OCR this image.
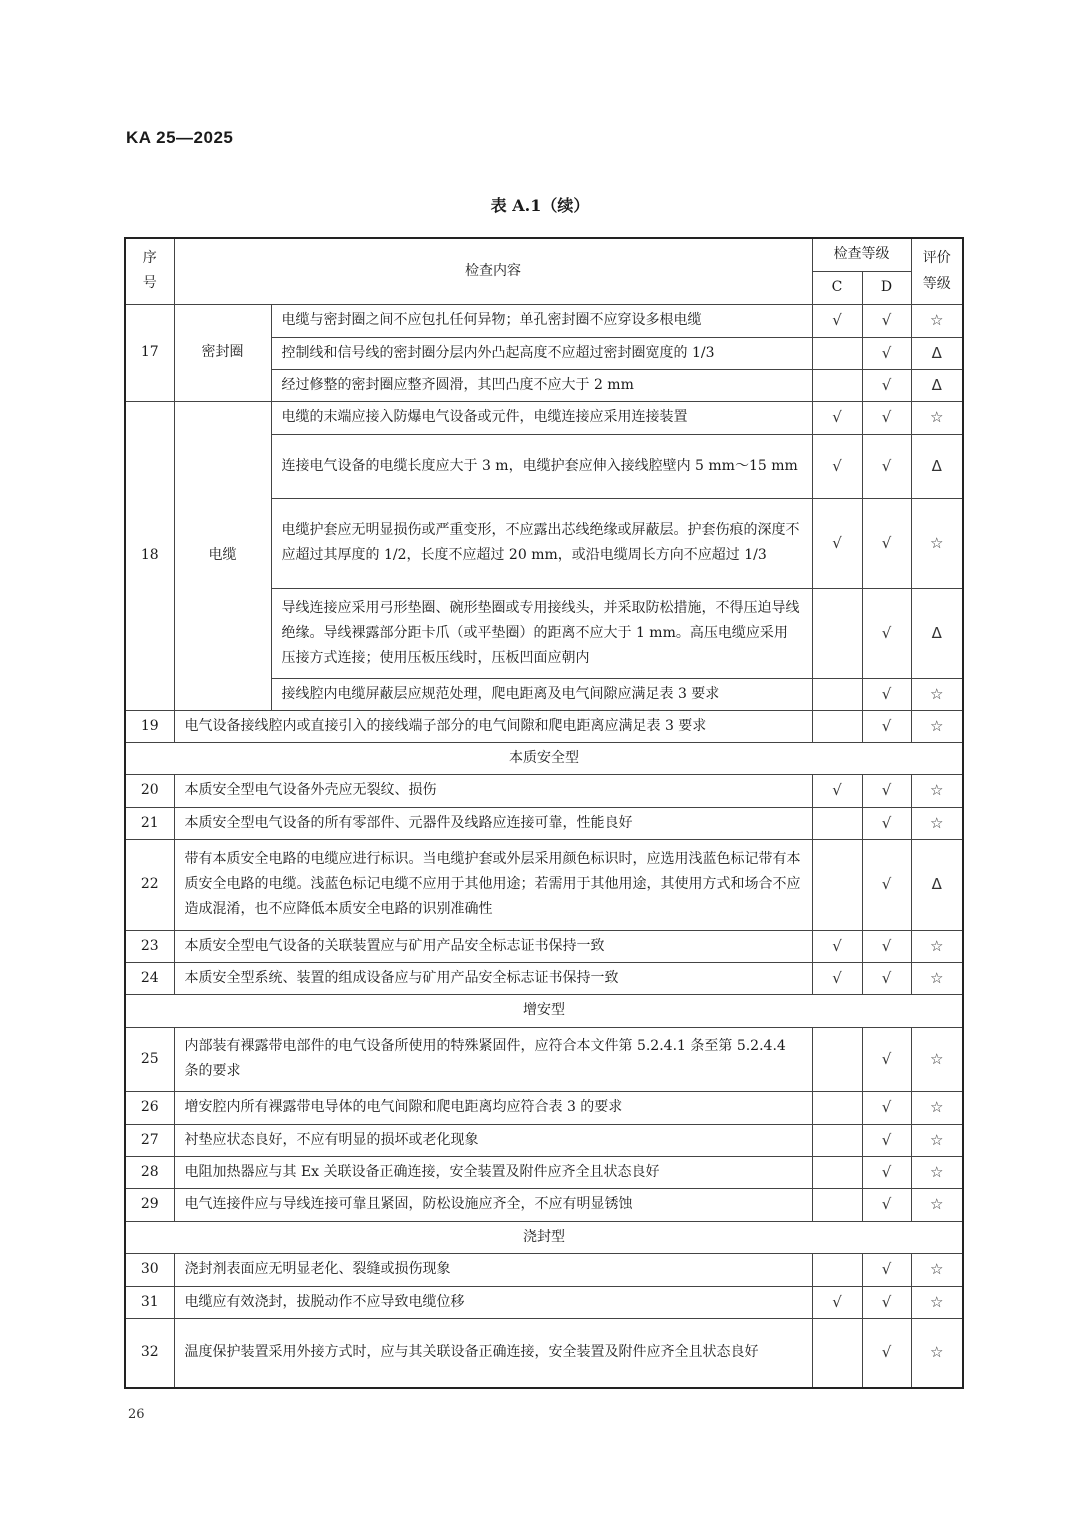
KA 25—2025
表 A.1（续）
序号	检查内容		检查等级		评价
等级
			C	D	
17	密封圈	电缆与密封圈之间不应包扎任何异物；单孔密封圈不应穿设多根电缆	√	√	☆
		控制线和信号线的密封圈分层内外凸起高度不应超过密封圈宽度的 1/3		√	Δ
		经过修整的密封圈应整齐圆滑，其凹凸度不应大于 2 mm		√	Δ
18	电缆	电缆的末端应接入防爆电气设备或元件，电缆连接应采用连接装置	√	√	☆
		连接电气设备的电缆长度应大于 3 m，电缆护套应伸入接线腔壁内 5 mm～15 mm	√	√	Δ
		电缆护套应无明显损伤或严重变形，不应露出芯线绝缘或屏蔽层。护套伤痕的深度不应超过其厚度的 1/2，长度不应超过 20 mm，或沿电缆周长方向不应超过 1/3	√	√	☆
		导线连接应采用弓形垫圈、碗形垫圈或专用接线头，并采取防松措施，不得压迫导线绝缘。导线裸露部分距卡爪（或平垫圈）的距离不应大于 1 mm。高压电缆应采用压接方式连接；使用压板压线时，压板凹面应朝内		√	Δ
		接线腔内电缆屏蔽层应规范处理，爬电距离及电气间隙应满足表 3 要求		√	☆
19	电气设备接线腔内或直接引入的接线端子部分的电气间隙和爬电距离应满足表 3 要求			√	☆
本质安全型					
20	本质安全型电气设备外壳应无裂纹、损伤		√	√	☆
21	本质安全型电气设备的所有零部件、元器件及线路应连接可靠，性能良好			√	☆
22	带有本质安全电路的电缆应进行标识。当电缆护套或外层采用颜色标识时，应选用浅蓝色标记带有本质安全电路的电缆。浅蓝色标记电缆不应用于其他用途；若需用于其他用途，其使用方式和场合不应造成混淆，也不应降低本质安全电路的识别准确性			√	Δ
23	本质安全型电气设备的关联装置应与矿用产品安全标志证书保持一致		√	√	☆
24	本质安全型系统、装置的组成设备应与矿用产品安全标志证书保持一致		√	√	☆
增安型					
25	内部装有裸露带电部件的电气设备所使用的特殊紧固件，应符合本文件第 5.2.4.1 条至第 5.2.4.4 条的要求			√	☆
26	增安腔内所有裸露带电导体的电气间隙和爬电距离均应符合表 3 的要求			√	☆
27	衬垫应状态良好，不应有明显的损坏或老化现象			√	☆
28	电阻加热器应与其 Ex 关联设备正确连接，安全装置及附件应齐全且状态良好			√	☆
29	电气连接件应与导线连接可靠且紧固，防松设施应齐全，不应有明显锈蚀			√	☆
浇封型					
30	浇封剂表面应无明显老化、裂缝或损伤现象			√	☆
31	电缆应有效浇封，拔脱动作不应导致电缆位移		√	√	☆
32	温度保护装置采用外接方式时，应与其关联设备正确连接，安全装置及附件应齐全且状态良好			√	☆
26
